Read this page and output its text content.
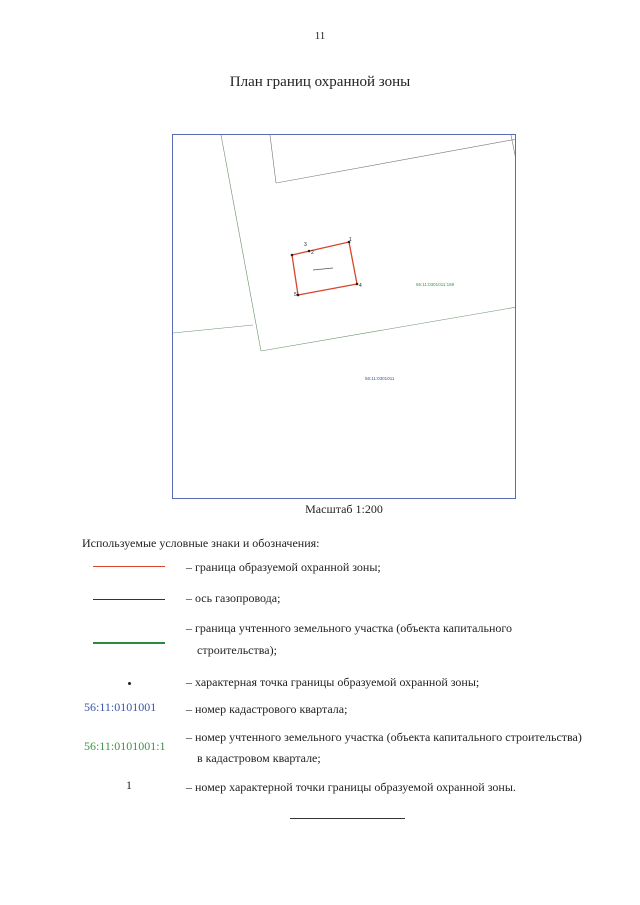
11
План границ охранной зоны
3
2
1
4
5
56:11:0301011:169
56:11:0301011
Масштаб 1:200
Используемые условные знаки и обозначения:
56:11:0101001
56:11:0101001:1
1
– граница образуемой охранной зоны;
– ось газопровода;
– граница учтенного земельного участка (объекта капитального
строительства);
– характерная точка границы образуемой охранной зоны;
– номер кадастрового квартала;
– номер учтенного земельного участка (объекта капитального строительства)
в кадастровом квартале;
– номер характерной точки границы образуемой охранной зоны.
